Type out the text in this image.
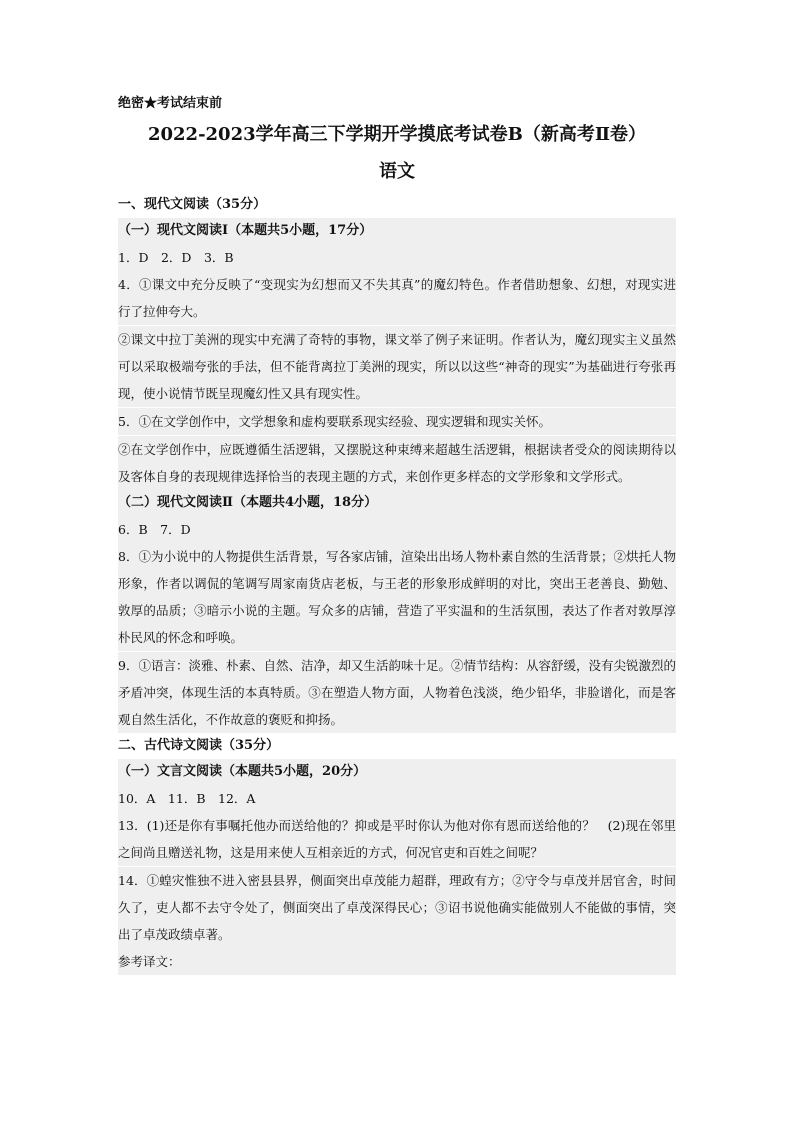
绝密★考试结束前
2022-2023学年高三下学期开学摸底考试卷B（新高考Ⅱ卷）
语文
一、现代文阅读（35分）
（一）现代文阅读Ⅰ（本题共5小题，17分）
1．D　2．D　3．B
4．①课文中充分反映了“变现实为幻想而又不失其真”的魔幻特色。作者借助想象、幻想，对现实进行了拉伸夸大。
②课文中拉丁美洲的现实中充满了奇特的事物，课文举了例子来证明。作者认为，魔幻现实主义虽然可以采取极端夸张的手法，但不能背离拉丁美洲的现实，所以以这些“神奇的现实”为基础进行夸张再现，使小说情节既呈现魔幻性又具有现实性。
5．①在文学创作中，文学想象和虚构要联系现实经验、现实逻辑和现实关怀。
②在文学创作中，应既遵循生活逻辑，又摆脱这种束缚来超越生活逻辑，根据读者受众的阅读期待以及客体自身的表现规律选择恰当的表现主题的方式，来创作更多样态的文学形象和文学形式。
（二）现代文阅读Ⅱ（本题共4小题，18分）
6．B　7．D
8．①为小说中的人物提供生活背景，写各家店铺，渲染出出场人物朴素自然的生活背景；②烘托人物形象，作者以调侃的笔调写周家南货店老板，与王老的形象形成鲜明的对比，突出王老善良、勤勉、敦厚的品质；③暗示小说的主题。写众多的店铺，营造了平实温和的生活氛围，表达了作者对敦厚淳朴民风的怀念和呼唤。
9．①语言：淡雅、朴素、自然、洁净，却又生活韵味十足。②情节结构：从容舒缓，没有尖锐激烈的矛盾冲突，体现生活的本真特质。③在塑造人物方面，人物着色浅淡，绝少铅华，非脸谱化，而是客观自然生活化，不作故意的褒贬和抑扬。
二、古代诗文阅读（35分）
（一）文言文阅读（本题共5小题，20分）
10．A　11．B　12．A
13．(1)还是你有事嘱托他办而送给他的？抑或是平时你认为他对你有恩而送给他的？　(2)现在邻里之间尚且赠送礼物，这是用来使人互相亲近的方式，何况官吏和百姓之间呢？
14．①蝗灾惟独不进入密县县界，侧面突出卓茂能力超群，理政有方；②守令与卓茂并居官舍，时间久了，吏人都不去守令处了，侧面突出了卓茂深得民心；③诏书说他确实能做别人不能做的事情，突出了卓茂政绩卓著。
参考译文：
